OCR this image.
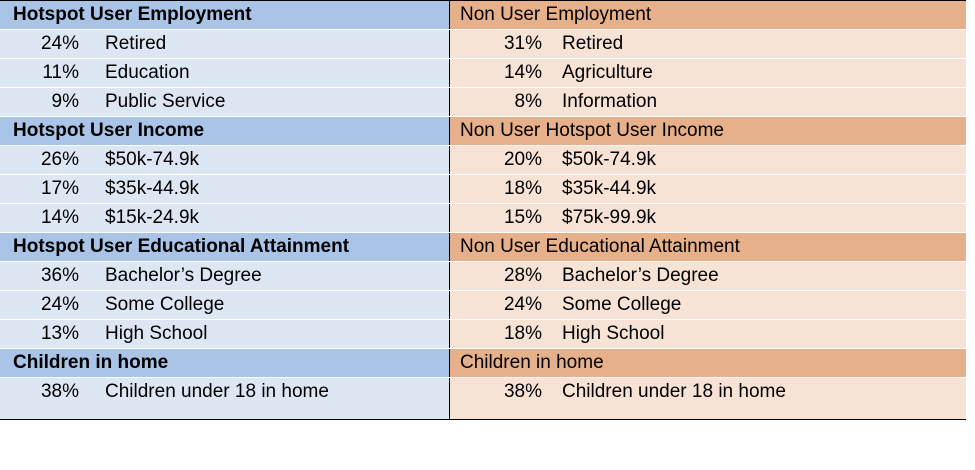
Hotspot User Employment	Non User Employment
24%	Retired	31%	Retired
11%	Education	14%	Agriculture
9%	Public Service	8%	Information
Hotspot User Income	Non User Hotspot User Income
26%	$50k-74.9k	20%	$50k-74.9k
17%	$35k-44.9k	18%	$35k-44.9k
14%	$15k-24.9k	15%	$75k-99.9k
Hotspot User Educational Attainment	Non User Educational Attainment
36%	Bachelor’s Degree	28%	Bachelor’s Degree
24%	Some College	24%	Some College
13%	High School	18%	High School
Children in home	Children in home
38%	Children under 18 in home	38%	Children under 18 in home
